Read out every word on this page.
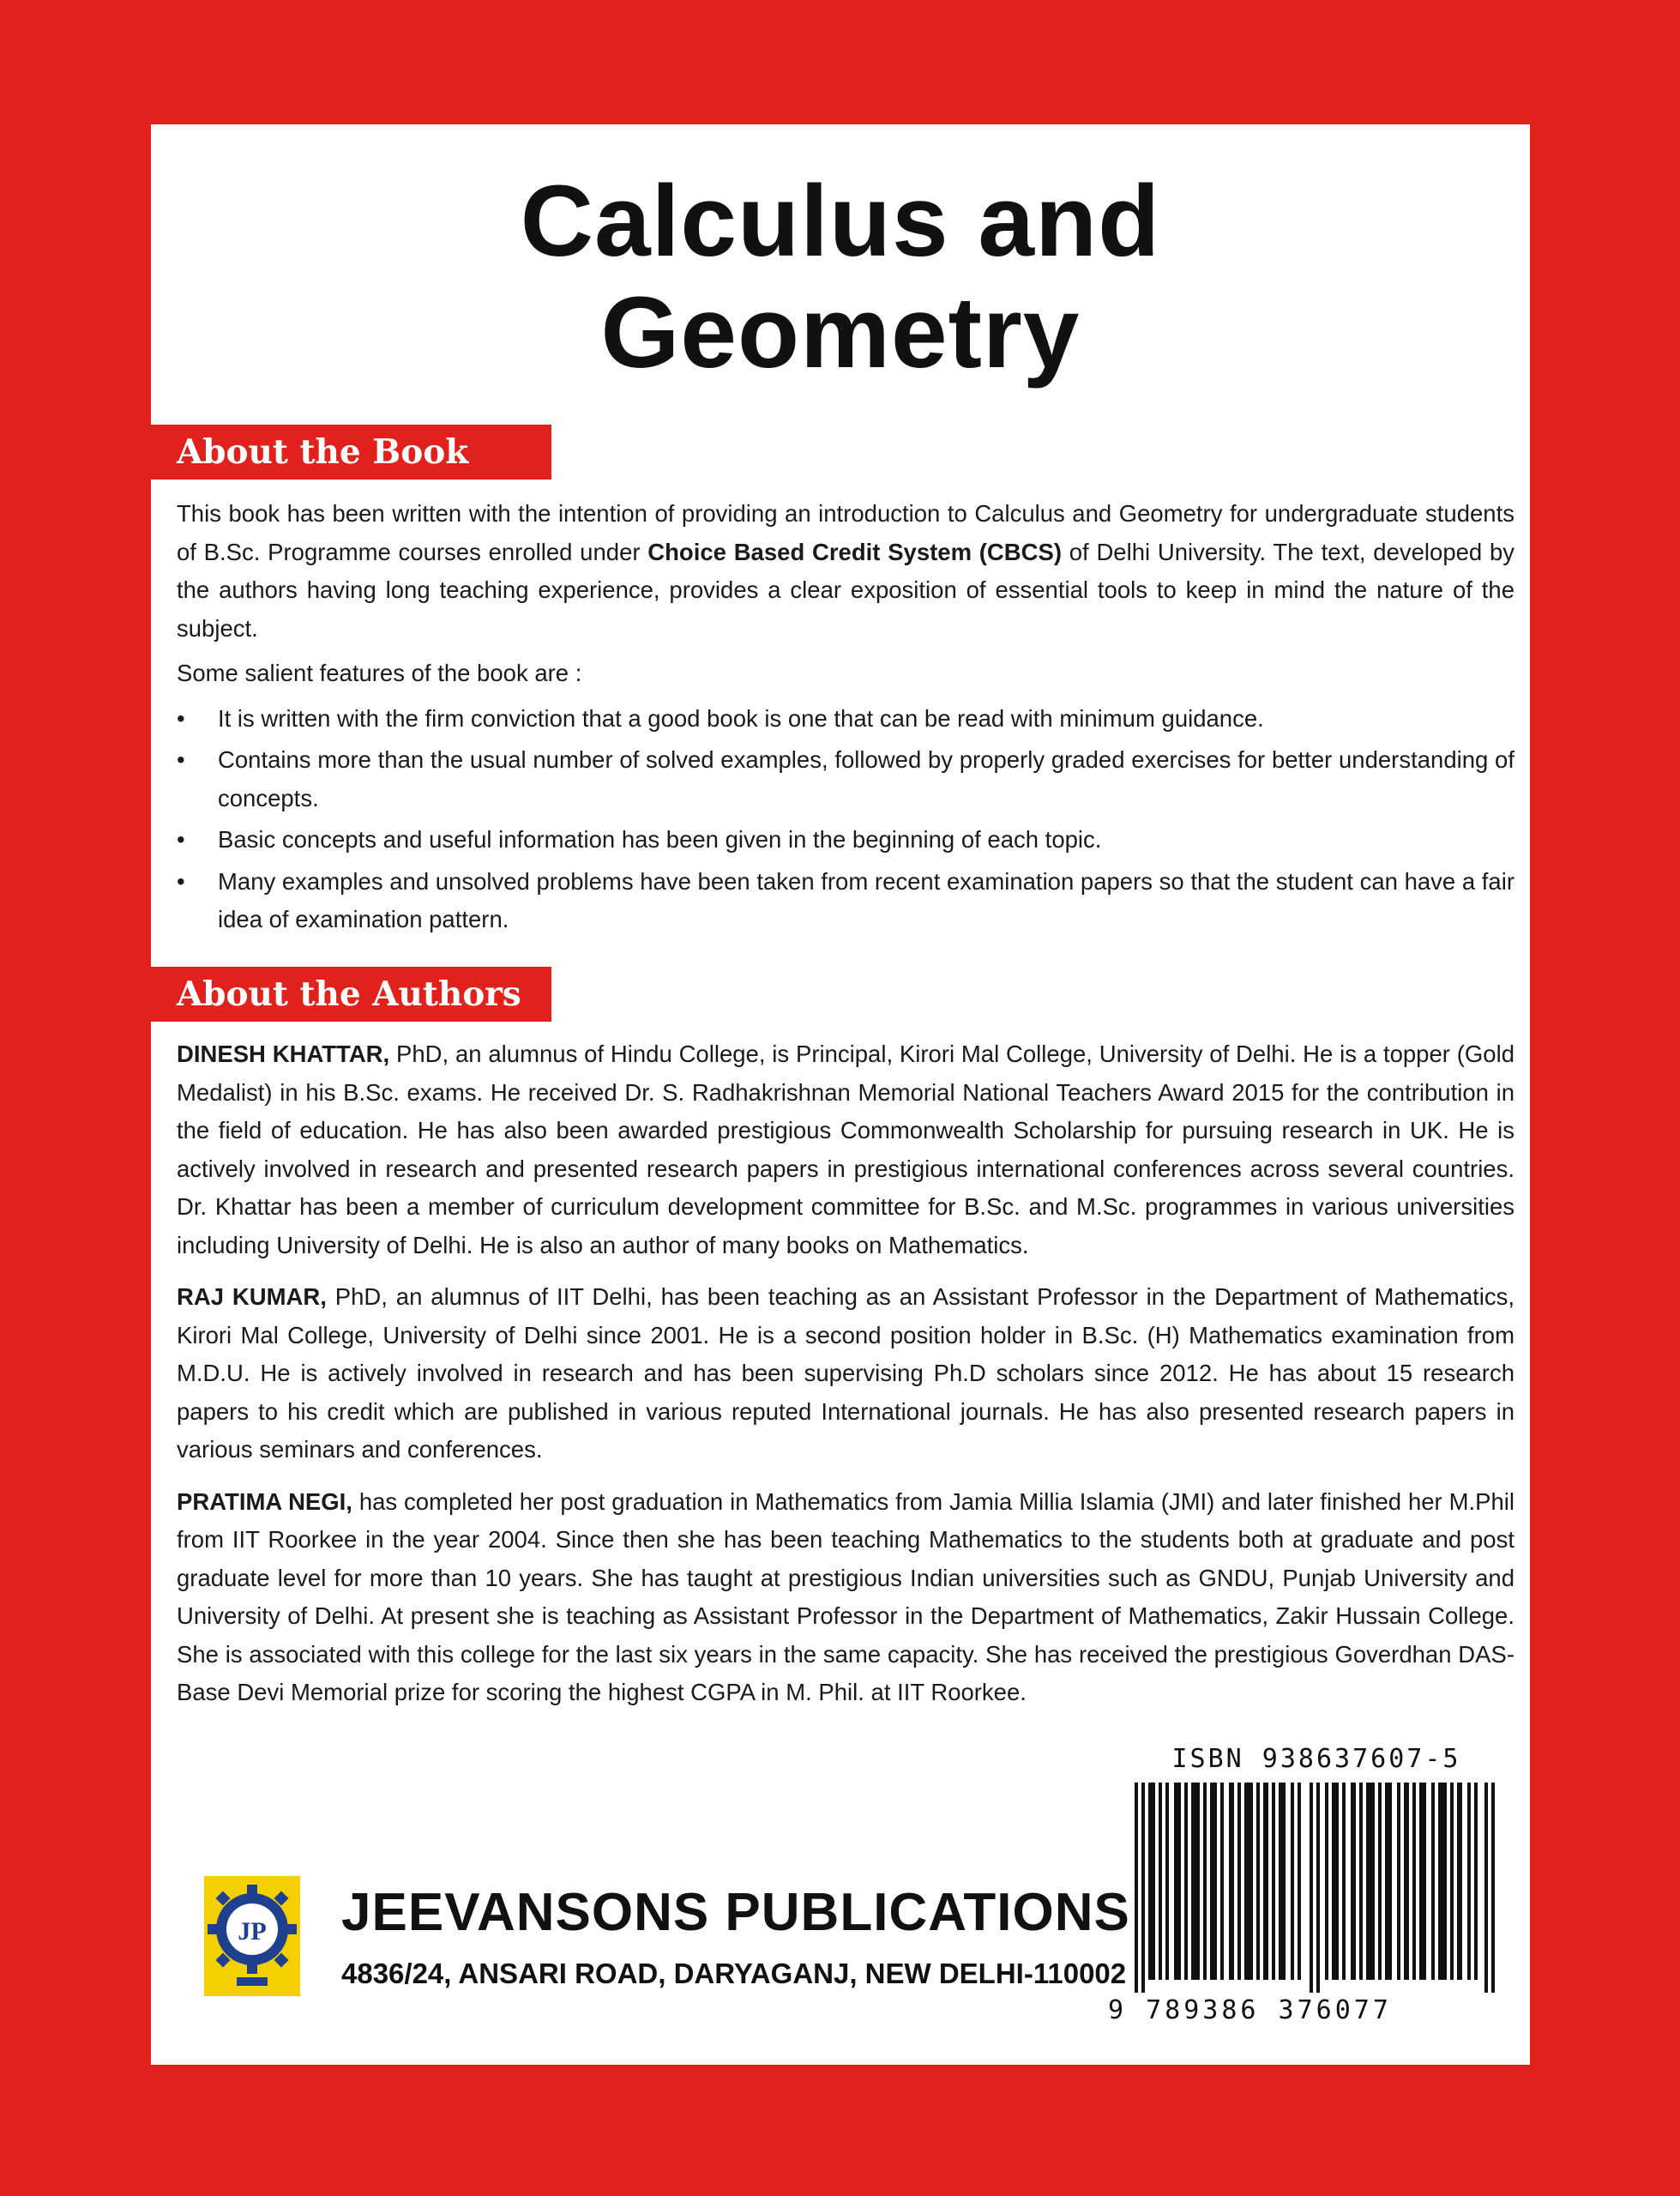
Calculus and
Geometry
About the Book

This book has been written with the intention of providing an introduction to Calculus and Geometry for undergraduate students of B.Sc. Programme courses enrolled under Choice Based Credit System (CBCS) of Delhi University. The text, developed by the authors having long teaching experience, provides a clear exposition of essential tools to keep in mind the nature of the subject.

Some salient features of the book are :

• It is written with the firm conviction that a good book is one that can be read with minimum guidance.
• Contains more than the usual number of solved examples, followed by properly graded exercises for better understanding of concepts.
• Basic concepts and useful information has been given in the beginning of each topic.
• Many examples and unsolved problems have been taken from recent examination papers so that the student can have a fair idea of examination pattern.
About the Authors

DINESH KHATTAR, PhD, an alumnus of Hindu College, is Principal, Kirori Mal College, University of Delhi. He is a topper (Gold Medalist) in his B.Sc. exams. He received Dr. S. Radhakrishnan Memorial National Teachers Award 2015 for the contribution in the field of education. He has also been awarded prestigious Commonwealth Scholarship for pursuing research in UK. He is actively involved in research and presented research papers in prestigious international conferences across several countries. Dr. Khattar has been a member of curriculum development committee for B.Sc. and M.Sc. programmes in various universities including University of Delhi. He is also an author of many books on Mathematics.

RAJ KUMAR, PhD, an alumnus of IIT Delhi, has been teaching as an Assistant Professor in the Department of Mathematics, Kirori Mal College, University of Delhi since 2001. He is a second position holder in B.Sc. (H) Mathematics examination from M.D.U. He is actively involved in research and has been supervising Ph.D scholars since 2012. He has about 15 research papers to his credit which are published in various reputed International journals. He has also presented research papers in various seminars and conferences.

PRATIMA NEGI, has completed her post graduation in Mathematics from Jamia Millia Islamia (JMI) and later finished her M.Phil from IIT Roorkee in the year 2004. Since then she has been teaching Mathematics to the students both at graduate and post graduate level for more than 10 years. She has taught at prestigious Indian universities such as GNDU, Punjab University and University of Delhi. At present she is teaching as Assistant Professor in the Department of Mathematics, Zakir Hussain College. She is associated with this college for the last six years in the same capacity. She has received the prestigious Goverdhan DAS-Base Devi Memorial prize for scoring the highest CGPA in M. Phil. at IIT Roorkee.

ISBN 938637607-5
9 789386 376077
JP JEEVANSONS PUBLICATIONS
4836/24, ANSARI ROAD, DARYAGANJ, NEW DELHI-110002
